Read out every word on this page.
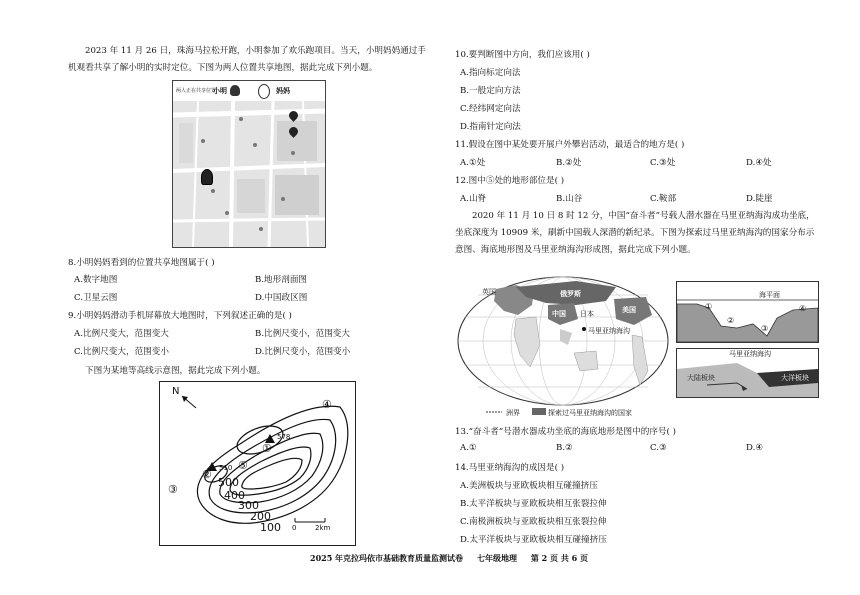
2023 年 11 月 26 日，珠海马拉松开跑，小明参加了欢乐跑项目。当天，小明妈妈通过手机观看共享了解小明的实时定位。下图为两人位置共享地图，据此完成下列小题。
两人正在共享位置
小明	妈妈
8.小明妈妈看到的位置共享地图属于( )
A.数字地图	B.地形剖面图
C.卫星云图	D.中国政区图
9.小明妈妈滑动手机屏幕放大地图时，下列叙述正确的是( )
A.比例尺变大，范围变大	B.比例尺变小，范围变大
C.比例尺变大，范围变小	D.比例尺变小，范围变小
下图为某地等高线示意图，据此完成下列小题。
N
578
510
500
400
300
200
100
①
②
③
④
⑤
0	2km
10.要判断图中方向，我们应该用( )
A.指向标定向法
B.一般定向方法
C.经纬网定向法
D.指南针定向法
11.假设在图中某处要开展户外攀岩活动，最适合的地方是( )
A.①处	B.②处	C.③处	D.④处
12.图中⑤处的地形部位是( )
A.山脊	B.山谷	C.鞍部	D.陡崖
2020 年 11 月 10 日 8 时 12 分，中国“奋斗者”号载人潜水器在马里亚纳海沟成功坐底，坐底深度为 10909 米，刷新中国载人深潜的新纪录。下图为探索过马里亚纳海沟的国家分布示意图、海底地形图及马里亚纳海沟形成图，据此完成下列小题。
俄罗斯
英国
中国 日本	美国
马里亚纳海沟
洲界	探索过马里亚纳海沟的国家
海平面
①
②
③
④
马里亚纳海沟
大陆板块	大洋板块
13.“奋斗者”号潜水器成功坐底的海底地形是图中的序号( )
A.①	B.②	C.③	D.④
14.马里亚纳海沟的成因是( )
A.美洲板块与亚欧板块相互碰撞挤压
B.太平洋板块与亚欧板块相互张裂拉伸
C.南极洲板块与亚欧板块相互张裂拉伸
D.太平洋板块与亚欧板块相互碰撞挤压
2025 年克拉玛依市基础教育质量监测试卷     七年级地理     第 2 页 共 6 页
